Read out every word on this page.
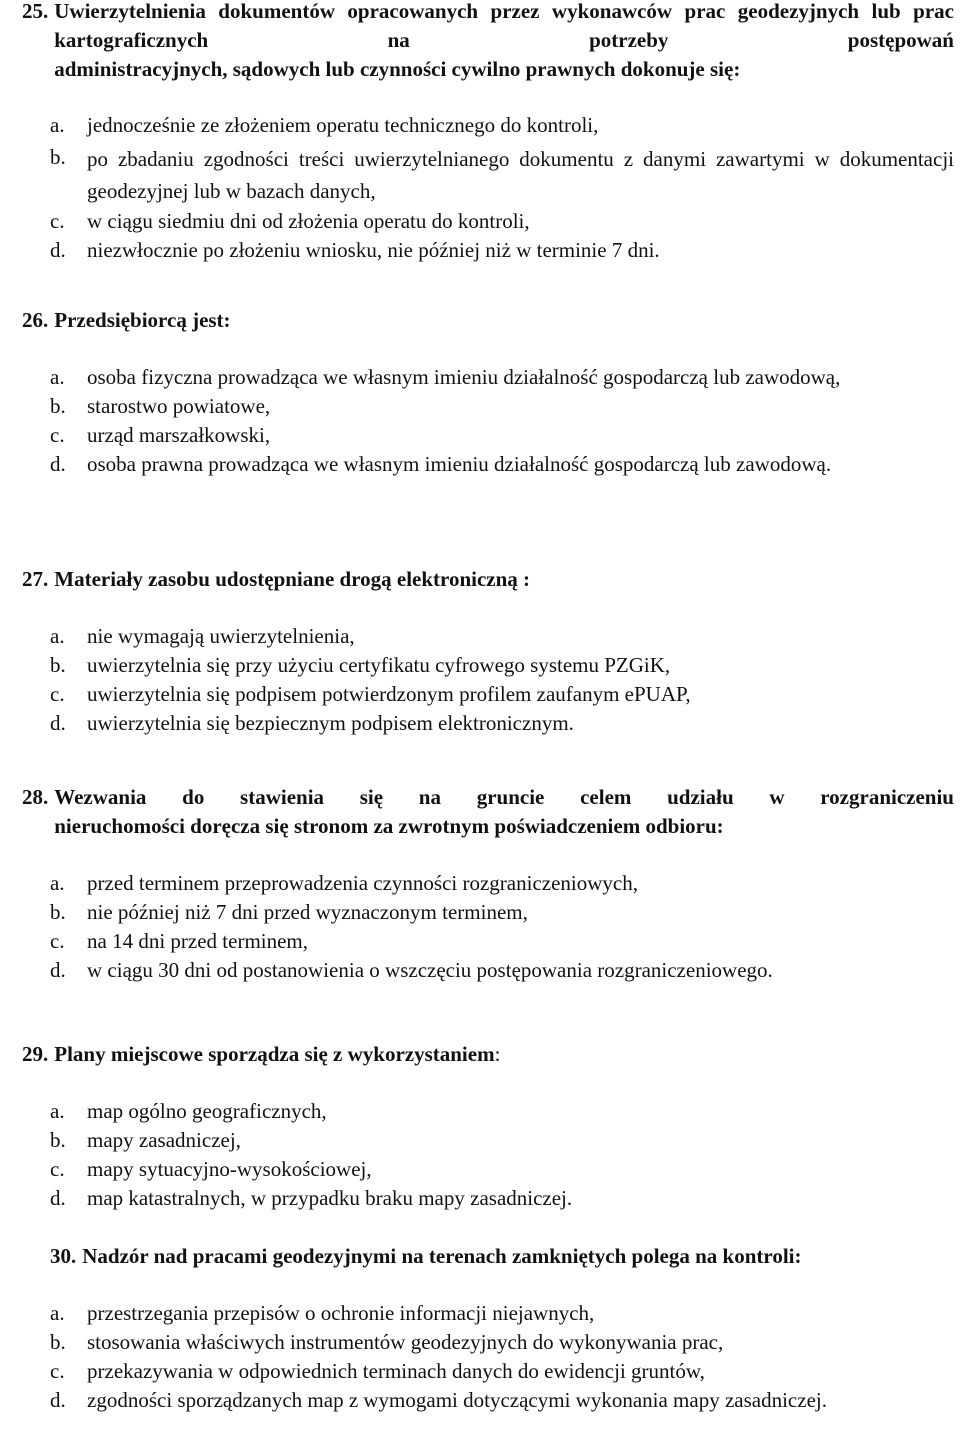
25. Uwierzytelnienia dokumentów opracowanych przez wykonawców prac geodezyjnych lub prac kartograficznych na potrzeby postępowań
administracyjnych, sądowych lub czynności cywilno prawnych dokonuje się:
a.	jednocześnie ze złożeniem operatu technicznego do kontroli,
b.	po zbadaniu zgodności treści uwierzytelnianego dokumentu z danymi zawartymi w dokumentacji geodezyjnej lub w bazach danych,
c.	w ciągu siedmiu dni od złożenia operatu do kontroli,
d.	niezwłocznie po złożeniu wniosku, nie później niż w terminie 7 dni.
26. Przedsiębiorcą jest:
a.	osoba fizyczna prowadząca we własnym imieniu działalność gospodarczą lub zawodową,
b.	starostwo powiatowe,
c.	urząd marszałkowski,
d.	osoba prawna prowadząca we własnym imieniu działalność gospodarczą lub zawodową.
27. Materiały zasobu udostępniane drogą elektroniczną :
a.	nie wymagają uwierzytelnienia,
b.	uwierzytelnia się przy użyciu certyfikatu cyfrowego systemu PZGiK,
c.	uwierzytelnia się podpisem potwierdzonym profilem zaufanym ePUAP,
d.	uwierzytelnia się bezpiecznym podpisem elektronicznym.
28. Wezwania do stawienia się na gruncie celem udziału w rozgraniczeniu
nieruchomości doręcza się stronom za zwrotnym poświadczeniem odbioru:
a.	przed terminem przeprowadzenia czynności rozgraniczeniowych,
b.	nie później niż 7 dni przed wyznaczonym terminem,
c.	na 14 dni przed terminem,
d.	w ciągu 30 dni od postanowienia o wszczęciu postępowania rozgraniczeniowego.
29. Plany miejscowe sporządza się z wykorzystaniem:
a.	map ogólno geograficznych,
b.	mapy zasadniczej,
c.	mapy sytuacyjno-wysokościowej,
d.	map katastralnych, w przypadku braku mapy zasadniczej.
30. Nadzór nad pracami geodezyjnymi na terenach zamkniętych polega na kontroli:
a.	przestrzegania przepisów o ochronie informacji niejawnych,
b.	stosowania właściwych instrumentów geodezyjnych do wykonywania prac,
c.	przekazywania w odpowiednich terminach danych do ewidencji gruntów,
d.	zgodności sporządzanych map z wymogami dotyczącymi wykonania mapy zasadniczej.
